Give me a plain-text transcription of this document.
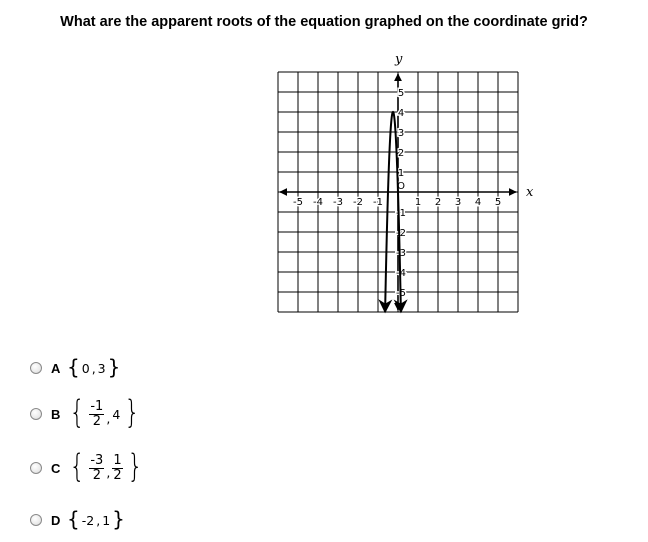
What are the apparent roots of the equation graphed on the coordinate grid?
x
y
-5 -4 -3 -2 -1	1 2 3 4 5
5
4
3
2
1
-1
-2
-3
-4
-5
O
A { 0 , 3 }
B { $\frac{-1}{2}$ , 4 }
C { $\frac{-3}{2}$ , $\frac{1}{2}$ }
D { -2 , 1 }
